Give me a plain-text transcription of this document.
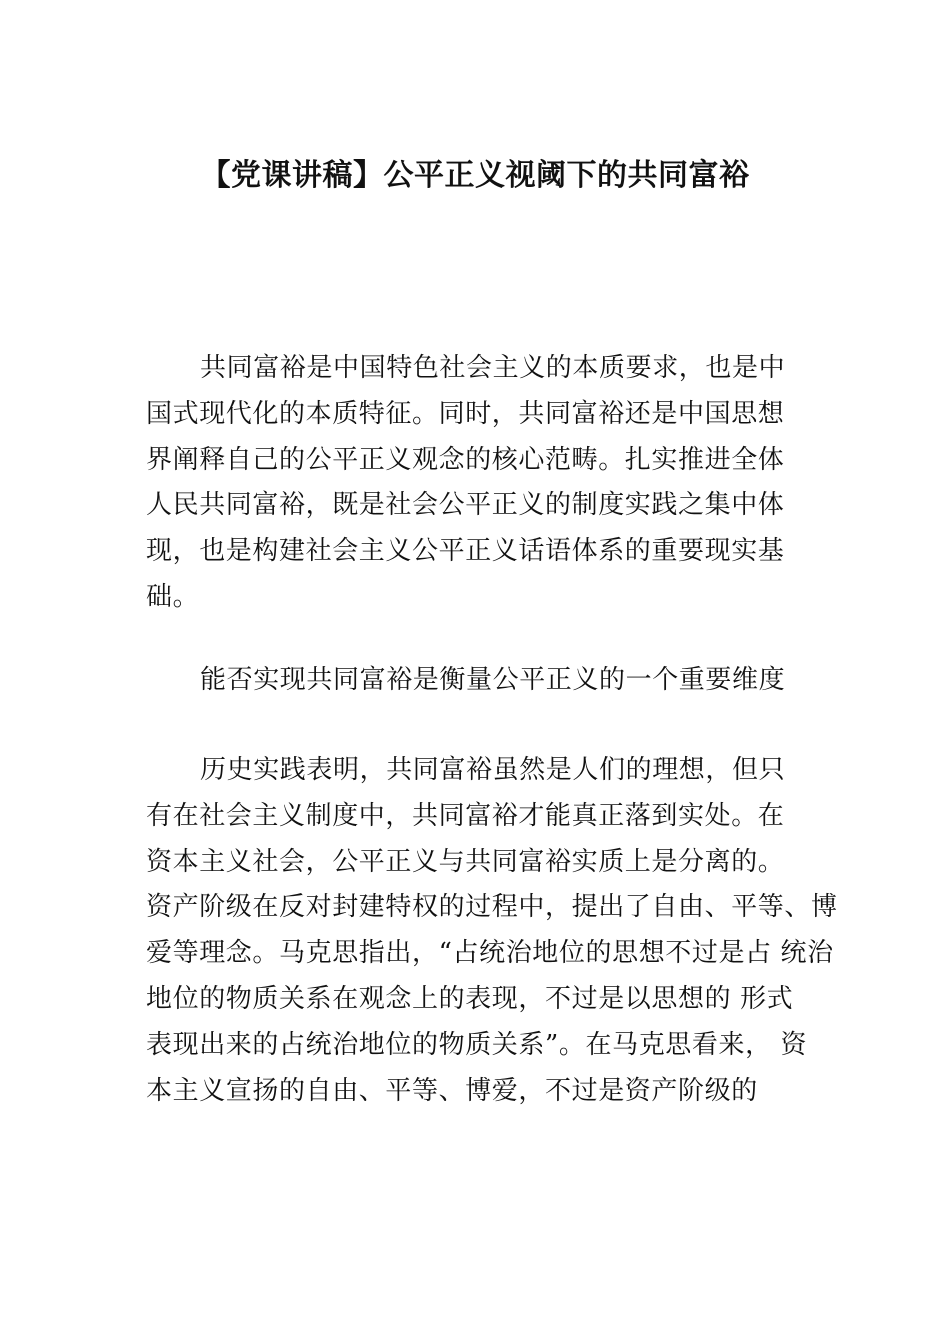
【党课讲稿】公平正义视阈下的共同富裕
共同富裕是中国特色社会主义的本质要求，也是中
国式现代化的本质特征。同时，共同富裕还是中国思想
界阐释自己的公平正义观念的核心范畴。扎实推进全体
人民共同富裕，既是社会公平正义的制度实践之集中体
现，也是构建社会主义公平正义话语体系的重要现实基
础。
能否实现共同富裕是衡量公平正义的一个重要维度
历史实践表明，共同富裕虽然是人们的理想，但只
有在社会主义制度中，共同富裕才能真正落到实处。在
资本主义社会，公平正义与共同富裕实质上是分离的。
资产阶级在反对封建特权的过程中，提出了自由、平等、博
爱等理念。马克思指出，“占统治地位的思想不过是占 统治
地位的物质关系在观念上的表现，不过是以思想的 形式
表现出来的占统治地位的物质关系”。在马克思看来， 资
本主义宣扬的自由、平等、博爱，不过是资产阶级的
